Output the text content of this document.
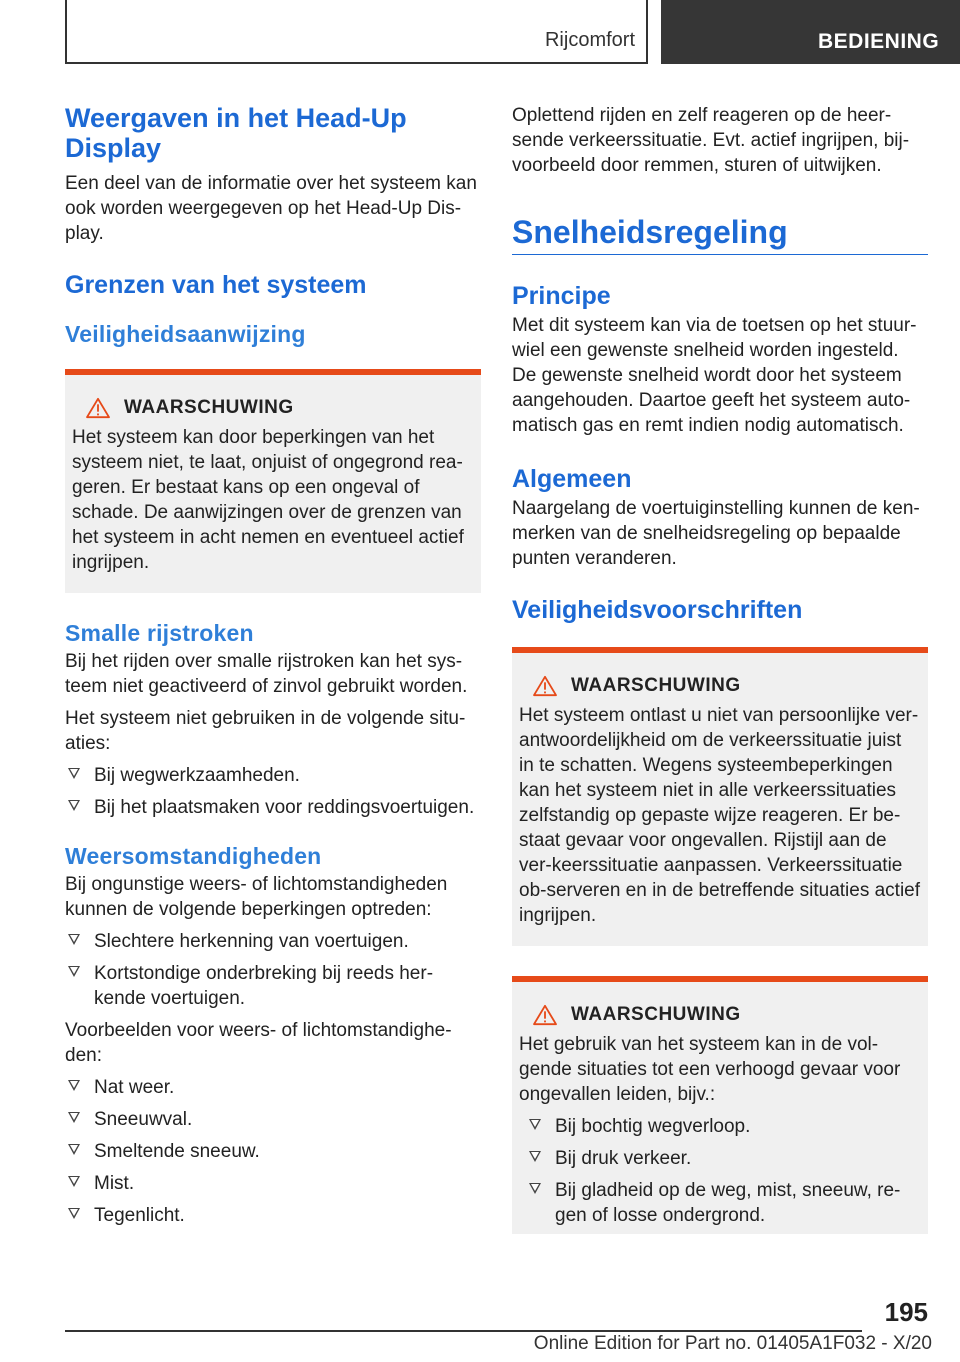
Rijcomfort	BEDIENING
Weergaven in het Head-Up Display

Een deel van de informatie over het systeem kan ook worden weergegeven op het Head-Up Dis-play.

Grenzen van het systeem
Veiligheidsaanwijzing
WAARSCHUWING

Het systeem kan door beperkingen van het systeem niet, te laat, onjuist of ongegrond rea-geren. Er bestaat kans op een ongeval of schade. De aanwijzingen over de grenzen van het systeem in acht nemen en eventueel actief ingrijpen.

Smalle rijstroken

Bij het rijden over smalle rijstroken kan het sys-teem niet geactiveerd of zinvol gebruikt worden.

Het systeem niet gebruiken in de volgende situ-aties:

Bij wegwerkzaamheden.
Bij het plaatsmaken voor reddingsvoertuigen.
Weersomstandigheden

Bij ongunstige weers- of lichtomstandigheden kunnen de volgende beperkingen optreden:

Slechtere herkenning van voertuigen.
Kortstondige onderbreking bij reeds her-kende voertuigen.

Voorbeelden voor weers- of lichtomstandighe-den:

Nat weer.
Sneeuwval.
Smeltende sneeuw.
Mist.
Tegenlicht.

Oplettend rijden en zelf reageren op de heer-sende verkeerssituatie. Evt. actief ingrijpen, bij-voorbeeld door remmen, sturen of uitwijken.

Snelheidsregeling
Principe

Met dit systeem kan via de toetsen op het stuur-wiel een gewenste snelheid worden ingesteld. De gewenste snelheid wordt door het systeem aangehouden. Daartoe geeft het systeem auto-matisch gas en remt indien nodig automatisch.

Algemeen

Naargelang de voertuiginstelling kunnen de ken-merken van de snelheidsregeling op bepaalde punten veranderen.

Veiligheidsvoorschriften
WAARSCHUWING

Het systeem ontlast u niet van persoonlijke ver-antwoordelijkheid om de verkeerssituatie juist in te schatten. Wegens systeembeperkingen kan het systeem niet in alle verkeerssituaties zelfstandig op gepaste wijze reageren. Er be-staat gevaar voor ongevallen. Rijstijl aan de ver-keerssituatie aanpassen. Verkeerssituatie ob-serveren en in de betreffende situaties actief ingrijpen.

WAARSCHUWING

Het gebruik van het systeem kan in de vol-gende situaties tot een verhoogd gevaar voor ongevallen leiden, bijv.:

Bij bochtig wegverloop.
Bij druk verkeer.
Bij gladheid op de weg, mist, sneeuw, re-gen of losse ondergrond.
195
Online Edition for Part no. 01405A1F032 - X/20
